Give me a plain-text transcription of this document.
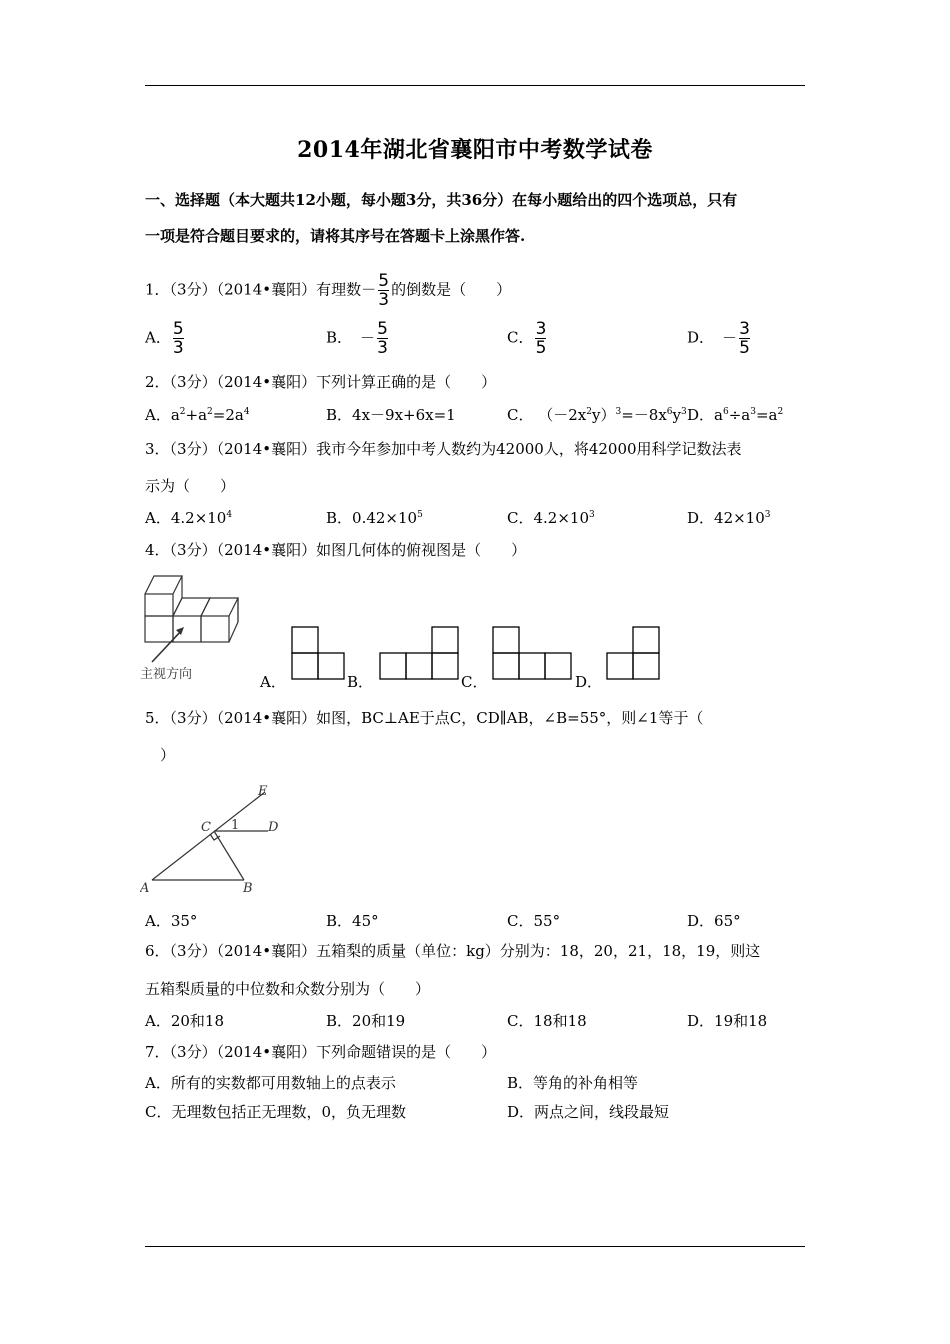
2014年湖北省襄阳市中考数学试卷
一、选择题（本大题共12小题，每小题3分，共36分）在每小题给出的四个选项总，只有
一项是符合题目要求的，请将其序号在答题卡上涂黑作答.
1．（3分）（2014•襄阳）有理数－ $\frac{5}{3}$ 的倒数是（　　）
A． $\frac{5}{3}$	B． － $\frac{5}{3}$	C． $\frac{3}{5}$	D． － $\frac{3}{5}$
2．（3分）（2014•襄阳）下列计算正确的是（　　）
A．$a^2+a^2=2a^4$	B．4x－9x+6x=1	C． $(-2x^2y)^3=-8x^6y^3$ D．$a^6\div a^3=a^2$
3．（3分）（2014•襄阳）我市今年参加中考人数约为42000人，将42000用科学记数法表
示为（　　）
A．$4.2\times 10^4$	B．$0.42\times 10^5$	C．$4.2\times 10^3$	D．$42\times 10^3$
4．（3分）（2014•襄阳）如图几何体的俯视图是（　　）
主视方向	A．	B．	C．	D．
5．（3分）（2014•襄阳）如图，BC⊥AE于点C，CD∥AB，∠B=55°，则∠1等于（
）
A	B
C	D
E
1
A．35°	B．45°	C．55°	D．65°
6．（3分）（2014•襄阳）五箱梨的质量（单位：kg）分别为：18，20，21，18，19，则这
五箱梨质量的中位数和众数分别为（　　）
A．20和18	B．20和19	C．18和18	D．19和18
7．（3分）（2014•襄阳）下列命题错误的是（　　）
A．所有的实数都可用数轴上的点表示	B．等角的补角相等
C．无理数包括正无理数，0，负无理数	D．两点之间，线段最短
